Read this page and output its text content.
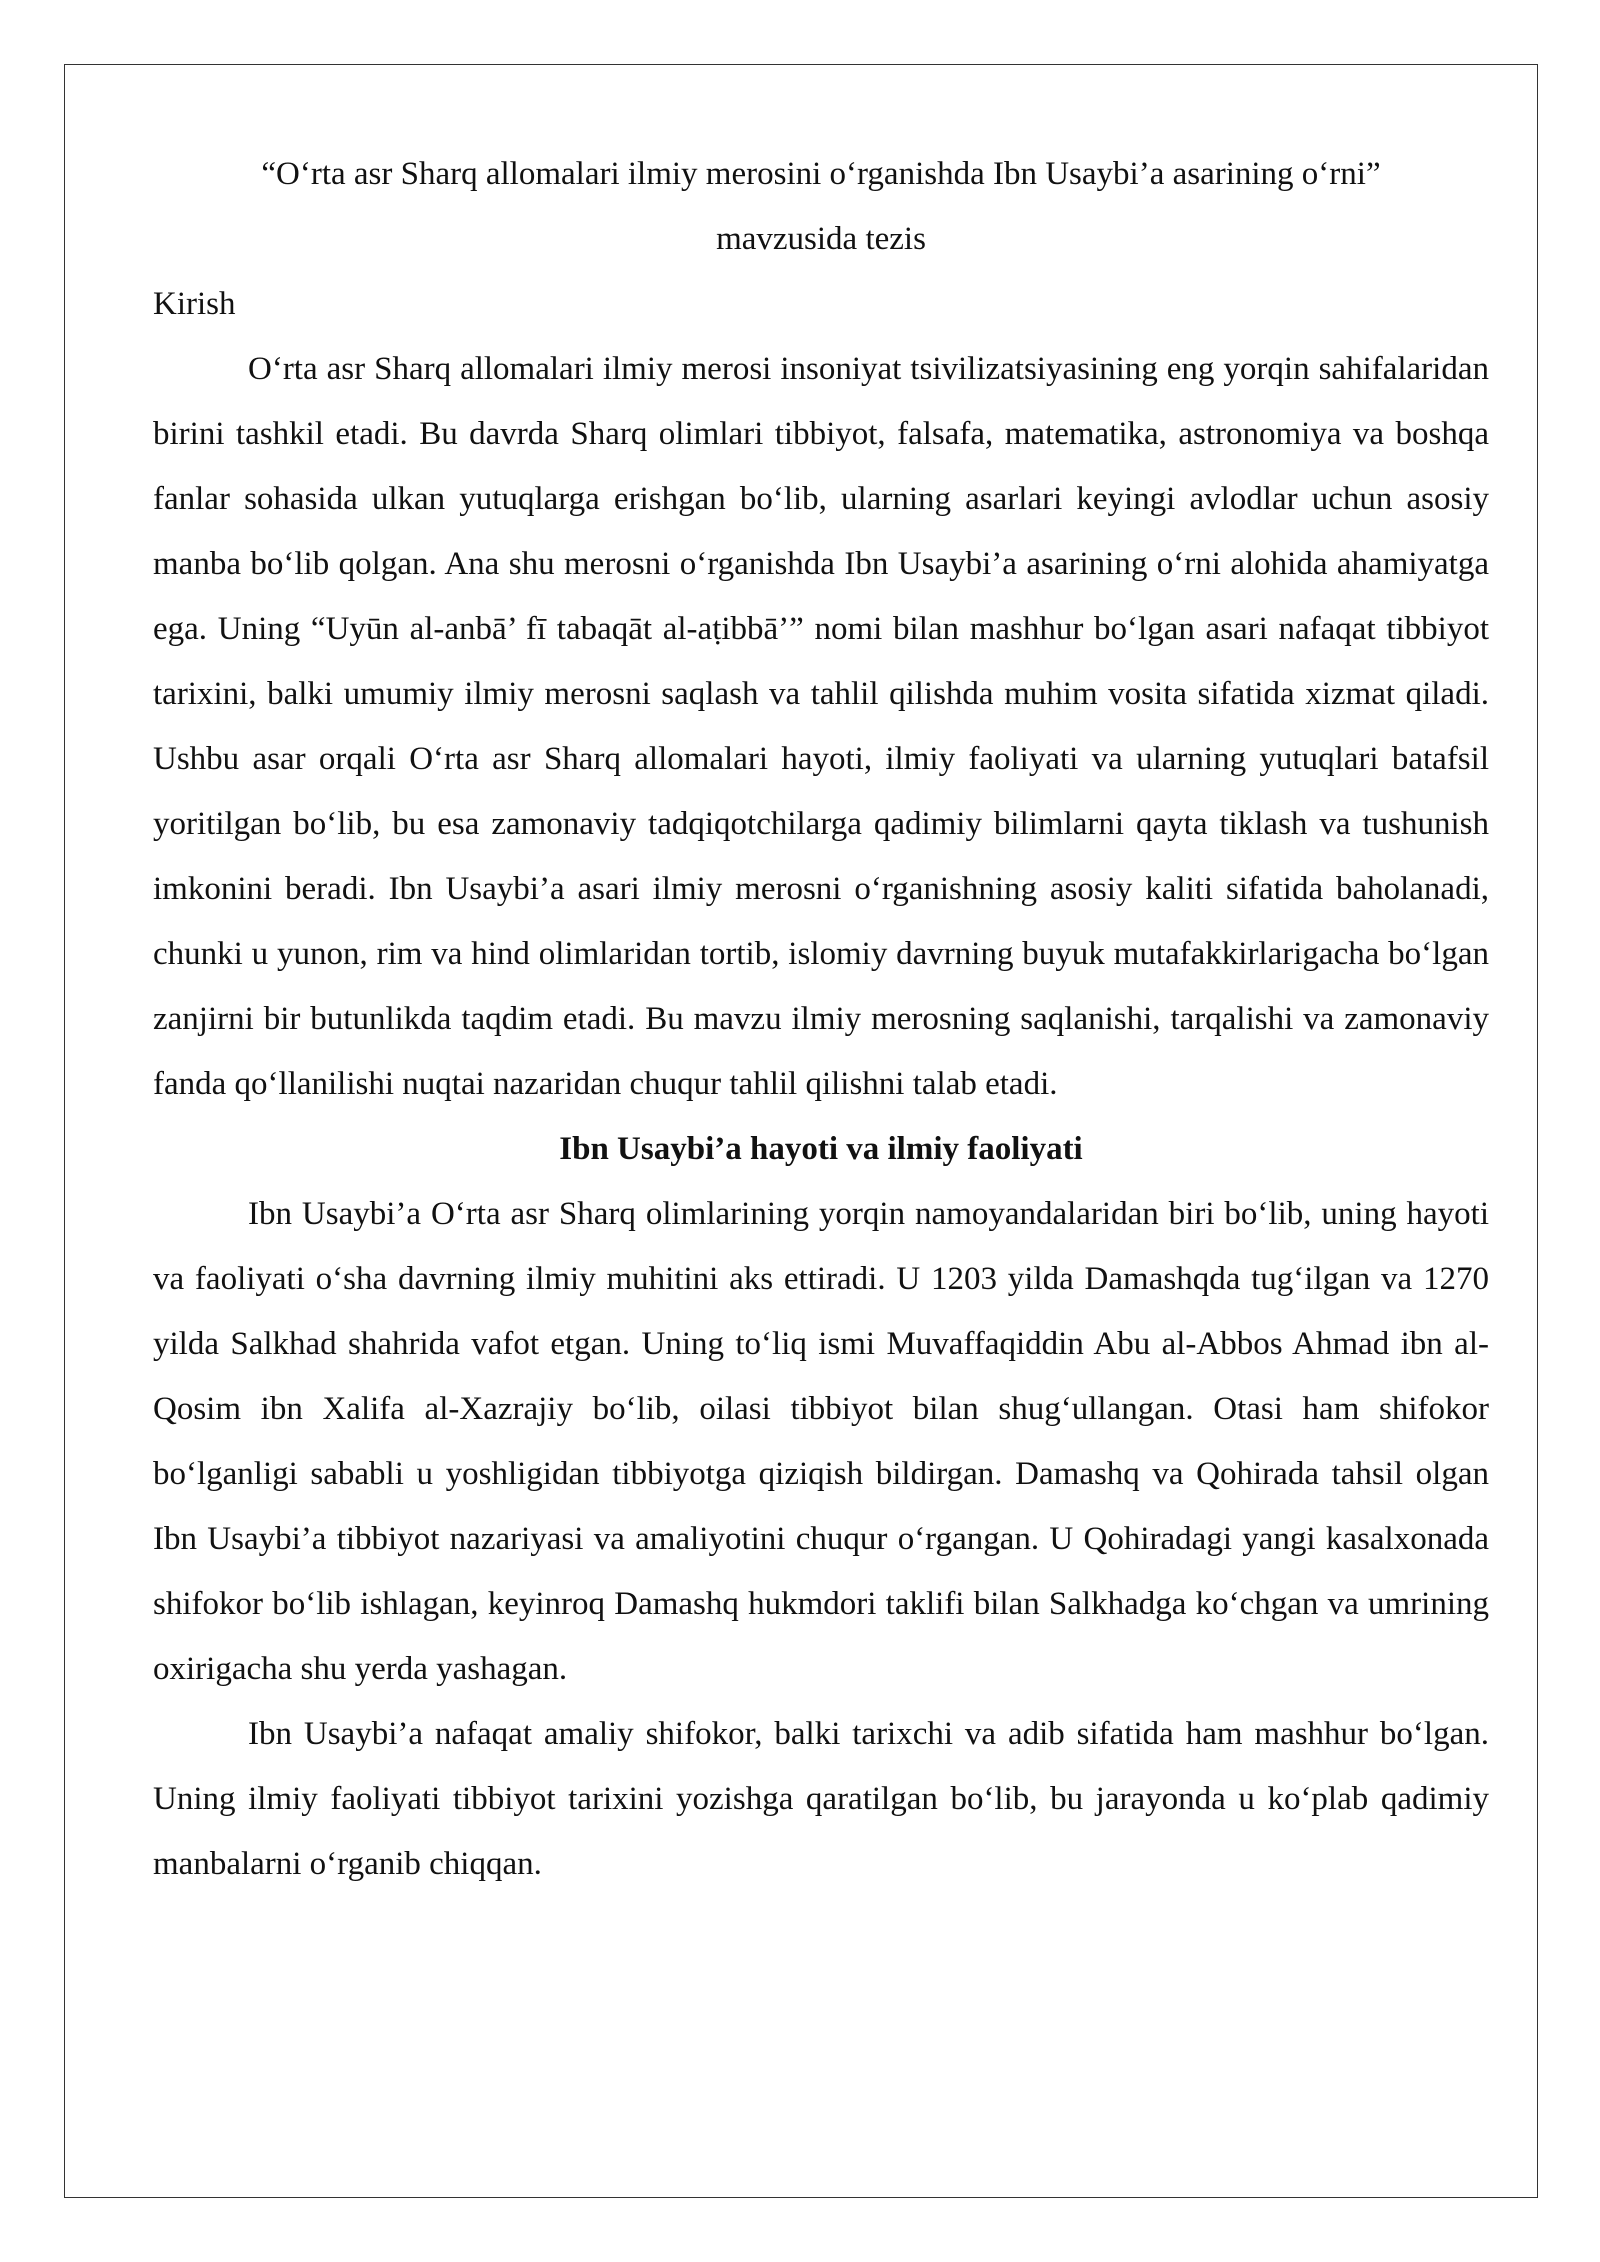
“O‘rta asr Sharq allomalari ilmiy merosini o‘rganishda Ibn Usaybi’a asarining o‘rni” mavzusida tezis

Kirish

O‘rta asr Sharq allomalari ilmiy merosi insoniyat tsivilizatsiyasining eng yorqin sahifalaridan birini tashkil etadi. Bu davrda Sharq olimlari tibbiyot, falsafa, matematika, astronomiya va boshqa fanlar sohasida ulkan yutuqlarga erishgan bo‘lib, ularning asarlari keyingi avlodlar uchun asosiy manba bo‘lib qolgan. Ana shu merosni o‘rganishda Ibn Usaybi’a asarining o‘rni alohida ahamiyatga ega. Uning “Uyūn al-anbā’ fī tabaqāt al-aṭibbā’” nomi bilan mashhur bo‘lgan asari nafaqat tibbiyot tarixini, balki umumiy ilmiy merosni saqlash va tahlil qilishda muhim vosita sifatida xizmat qiladi. Ushbu asar orqali O‘rta asr Sharq allomalari hayoti, ilmiy faoliyati va ularning yutuqlari batafsil yoritilgan bo‘lib, bu esa zamonaviy tadqiqotchilarga qadimiy bilimlarni qayta tiklash va tushunish imkonini beradi. Ibn Usaybi’a asari ilmiy merosni o‘rganishning asosiy kaliti sifatida baholanadi, chunki u yunon, rim va hind olimlaridan tortib, islomiy davrning buyuk mutafakkirlarigacha bo‘lgan zanjirni bir butunlikda taqdim etadi. Bu mavzu ilmiy merosning saqlanishi, tarqalishi va zamonaviy fanda qo‘llanilishi nuqtai nazaridan chuqur tahlil qilishni talab etadi.

Ibn Usaybi’a hayoti va ilmiy faoliyati

Ibn Usaybi’a O‘rta asr Sharq olimlarining yorqin namoyandalaridan biri bo‘lib, uning hayoti va faoliyati o‘sha davrning ilmiy muhitini aks ettiradi. U 1203 yilda Damashqda tug‘ilgan va 1270 yilda Salkhad shahrida vafot etgan. Uning to‘liq ismi Muvaffaqiddin Abu al-Abbos Ahmad ibn al-Qosim ibn Xalifa al-Xazrajiy bo‘lib, oilasi tibbiyot bilan shug‘ullangan. Otasi ham shifokor bo‘lganligi sababli u yoshligidan tibbiyotga qiziqish bildirgan. Damashq va Qohirada tahsil olgan Ibn Usaybi’a tibbiyot nazariyasi va amaliyotini chuqur o‘rgangan. U Qohiradagi yangi kasalxonada shifokor bo‘lib ishlagan, keyinroq Damashq hukmdori taklifi bilan Salkhadga ko‘chgan va umrining oxirigacha shu yerda yashagan.

Ibn Usaybi’a nafaqat amaliy shifokor, balki tarixchi va adib sifatida ham mashhur bo‘lgan. Uning ilmiy faoliyati tibbiyot tarixini yozishga qaratilgan bo‘lib, bu jarayonda u ko‘plab qadimiy manbalarni o‘rganib chiqqan.
